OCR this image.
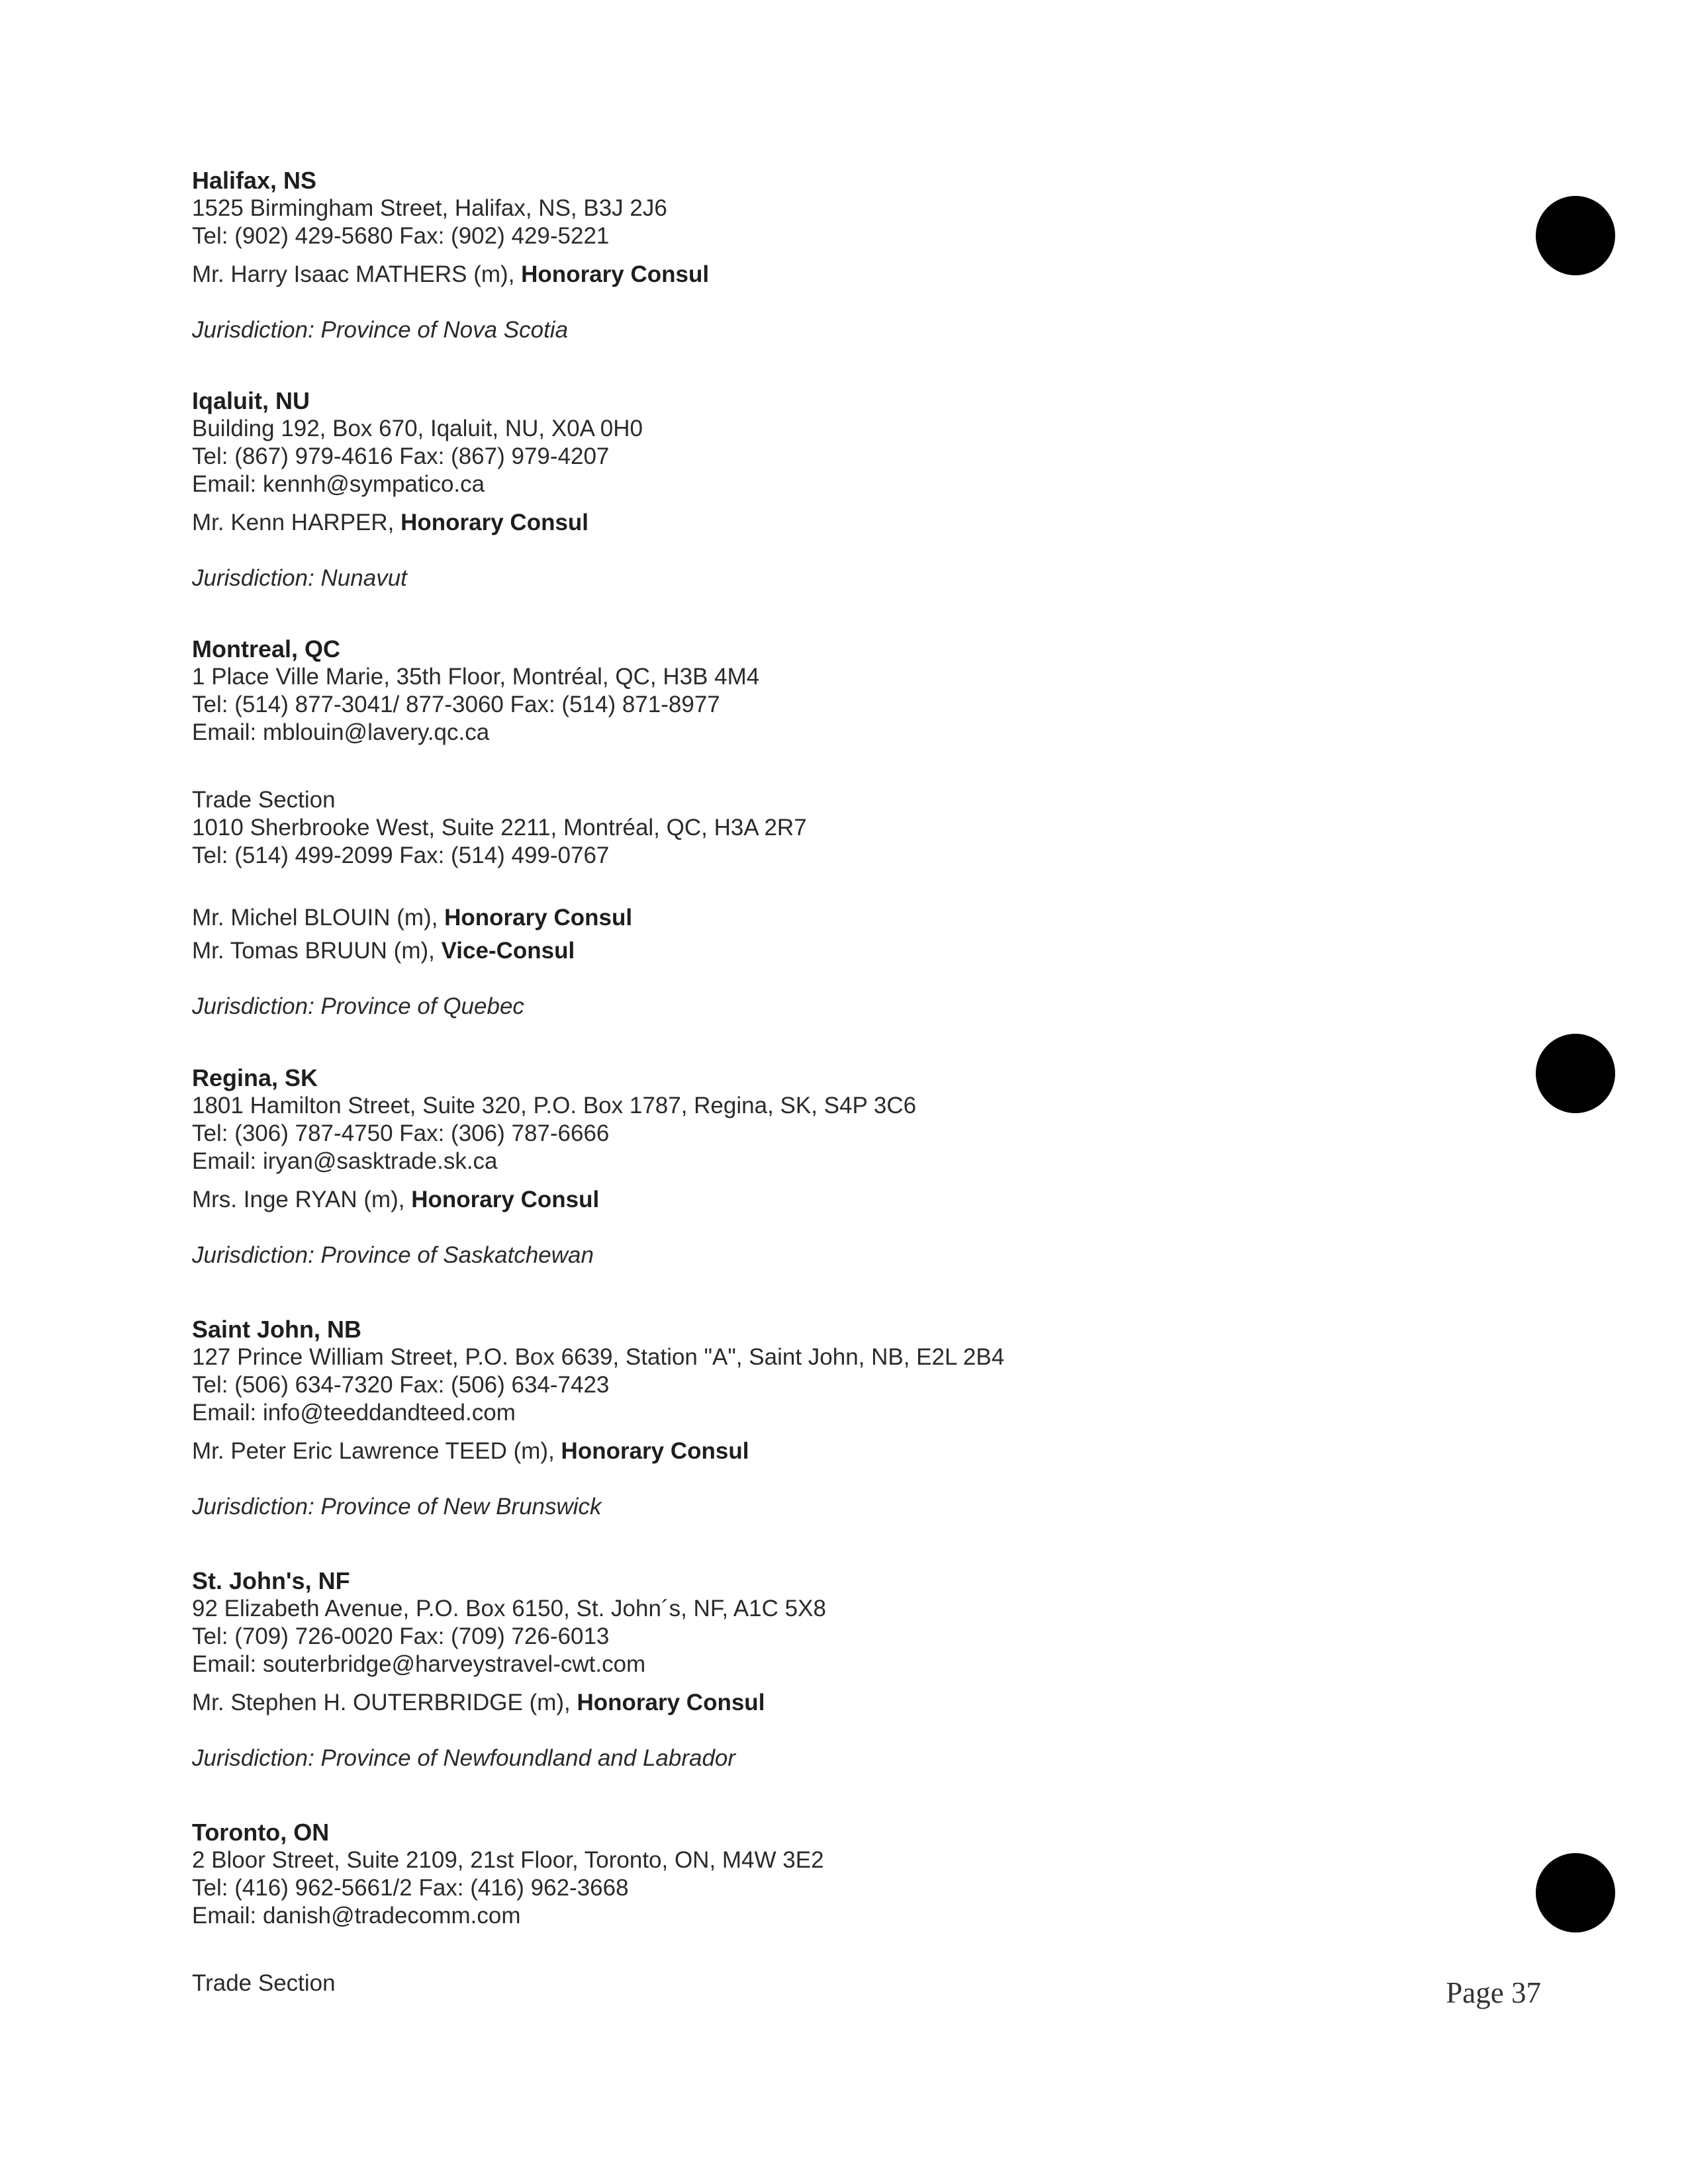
Halifax, NS
1525 Birmingham Street, Halifax, NS, B3J 2J6
Tel: (902) 429-5680 Fax: (902) 429-5221
Mr. Harry Isaac MATHERS (m), Honorary Consul
Jurisdiction: Province of Nova Scotia
Iqaluit, NU
Building 192, Box 670, Iqaluit, NU, X0A 0H0
Tel: (867) 979-4616 Fax: (867) 979-4207
Email: kennh@sympatico.ca
Mr. Kenn HARPER, Honorary Consul
Jurisdiction: Nunavut
Montreal, QC
1 Place Ville Marie, 35th Floor, Montréal, QC, H3B 4M4
Tel: (514) 877-3041/ 877-3060 Fax: (514) 871-8977
Email: mblouin@lavery.qc.ca
Trade Section
1010 Sherbrooke West, Suite 2211, Montréal, QC, H3A 2R7
Tel: (514) 499-2099 Fax: (514) 499-0767
Mr. Michel BLOUIN (m), Honorary Consul
Mr. Tomas BRUUN (m), Vice-Consul
Jurisdiction: Province of Quebec
Regina, SK
1801 Hamilton Street, Suite 320, P.O. Box 1787, Regina, SK, S4P 3C6
Tel: (306) 787-4750 Fax: (306) 787-6666
Email: iryan@sasktrade.sk.ca
Mrs. Inge RYAN (m), Honorary Consul
Jurisdiction: Province of Saskatchewan
Saint John, NB
127 Prince William Street, P.O. Box 6639, Station "A", Saint John, NB, E2L 2B4
Tel: (506) 634-7320 Fax: (506) 634-7423
Email: info@teeddandteed.com
Mr. Peter Eric Lawrence TEED (m), Honorary Consul
Jurisdiction: Province of New Brunswick
St. John's, NF
92 Elizabeth Avenue, P.O. Box 6150, St. John´s, NF, A1C 5X8
Tel: (709) 726-0020 Fax: (709) 726-6013
Email: souterbridge@harveystravel-cwt.com
Mr. Stephen H. OUTERBRIDGE (m), Honorary Consul
Jurisdiction: Province of Newfoundland and Labrador
Toronto, ON
2 Bloor Street, Suite 2109, 21st Floor, Toronto, ON, M4W 3E2
Tel: (416) 962-5661/2 Fax: (416) 962-3668
Email: danish@tradecomm.com
Trade Section	Page 37
